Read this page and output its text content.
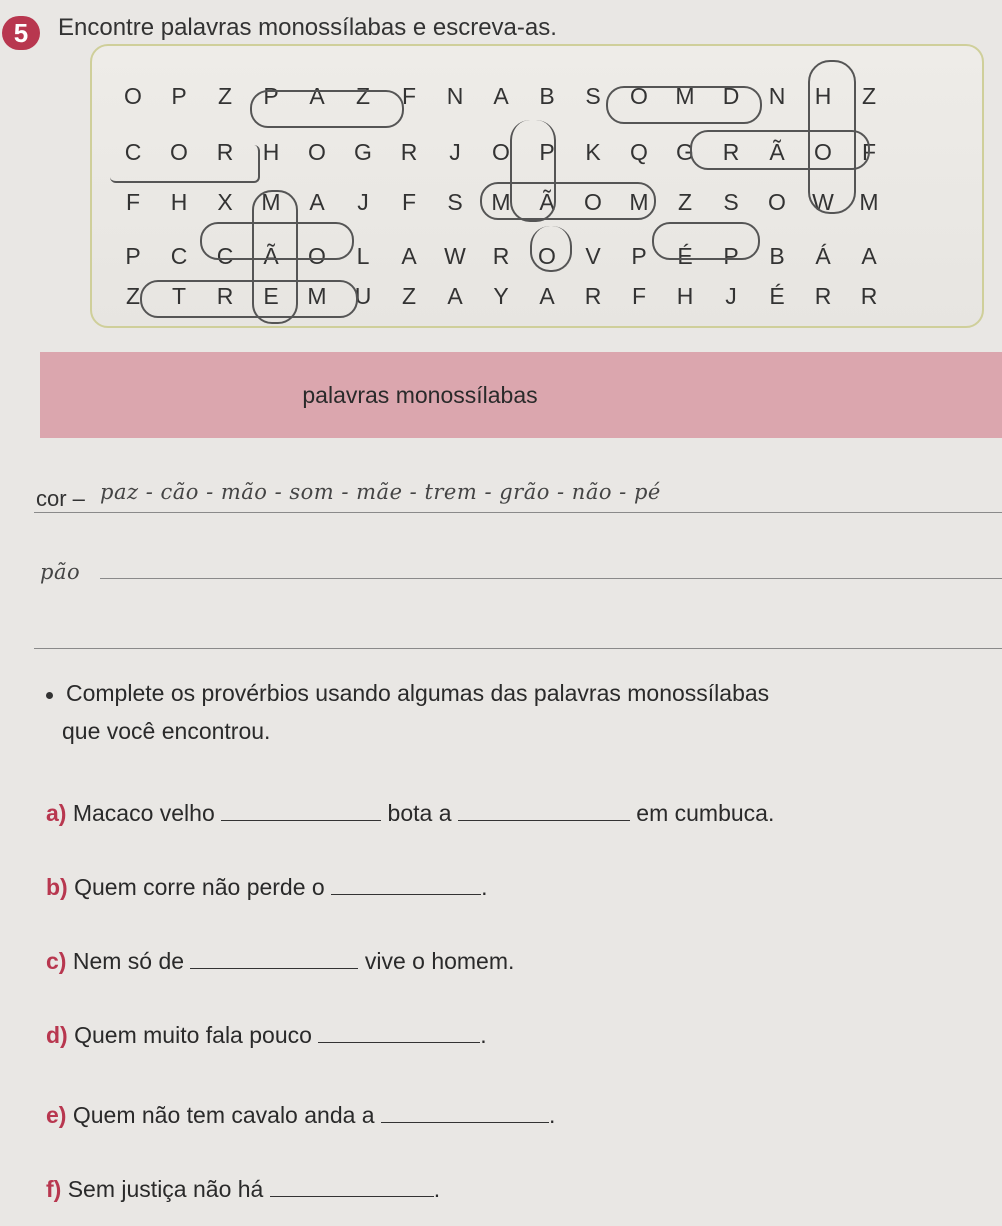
5	Encontre palavras monossílabas e escreva-as.
O	P	Z	P	A	Z	F	N	A	B	S	O	M	D	N	H	Z
C	O	R	H	O	G	R	J	O	P	K	Q	G	R	Ã	O	F
F	H	X	M	A	J	F	S	M	Ã	O	M	Z	S	O	W	M
P	C	C	Ã	O	L	A	W	R	O	V	P	É	P	B	Á	A
Z	T	R	E	M	U	Z	A	Y	A	R	F	H	J	É	R	R
palavras monossílabas
cor – paz - cão - mão - som - mãe - trem - grão - não - pé
pão
Complete os provérbios usando algumas das palavras monossílabas
que você encontrou.
a) Macaco velho	bota a	em cumbuca.
b) Quem corre não perde o	.
c) Nem só de	vive o homem.
d) Quem muito fala pouco	.
e) Quem não tem cavalo anda a	.
f) Sem justiça não há	.
